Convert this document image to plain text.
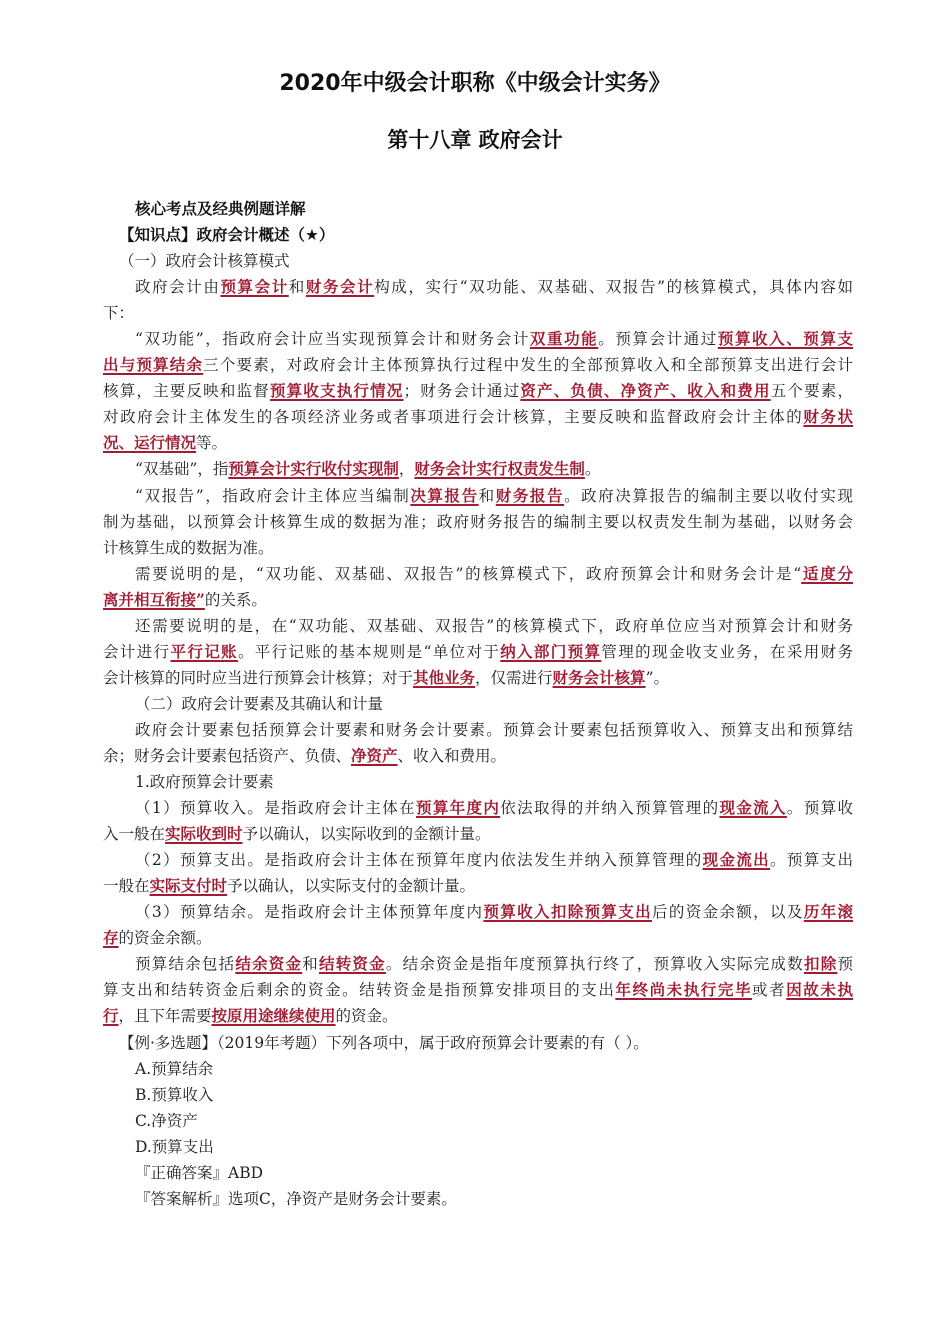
2020年中级会计职称《中级会计实务》
第十八章 政府会计
核心考点及经典例题详解
【知识点】政府会计概述（★）
（一）政府会计核算模式
政府会计由预算会计和财务会计构成，实行“双功能、双基础、双报告”的核算模式，具体内容如
下：
“双功能”，指政府会计应当实现预算会计和财务会计双重功能。预算会计通过预算收入、预算支
出与预算结余三个要素，对政府会计主体预算执行过程中发生的全部预算收入和全部预算支出进行会计
核算，主要反映和监督预算收支执行情况；财务会计通过资产、负债、净资产、收入和费用五个要素，
对政府会计主体发生的各项经济业务或者事项进行会计核算，主要反映和监督政府会计主体的财务状
况、运行情况等。
“双基础”，指预算会计实行收付实现制，财务会计实行权责发生制。
“双报告”，指政府会计主体应当编制决算报告和财务报告。政府决算报告的编制主要以收付实现
制为基础，以预算会计核算生成的数据为准；政府财务报告的编制主要以权责发生制为基础，以财务会
计核算生成的数据为准。
需要说明的是，“双功能、双基础、双报告”的核算模式下，政府预算会计和财务会计是“适度分
离并相互衔接”的关系。
还需要说明的是，在“双功能、双基础、双报告”的核算模式下，政府单位应当对预算会计和财务
会计进行平行记账。平行记账的基本规则是“单位对于纳入部门预算管理的现金收支业务，在采用财务
会计核算的同时应当进行预算会计核算；对于其他业务，仅需进行财务会计核算”。
（二）政府会计要素及其确认和计量
政府会计要素包括预算会计要素和财务会计要素。预算会计要素包括预算收入、预算支出和预算结
余；财务会计要素包括资产、负债、净资产、收入和费用。
1.政府预算会计要素
（1）预算收入。是指政府会计主体在预算年度内依法取得的并纳入预算管理的现金流入。预算收
入一般在实际收到时予以确认，以实际收到的金额计量。
（2）预算支出。是指政府会计主体在预算年度内依法发生并纳入预算管理的现金流出。预算支出
一般在实际支付时予以确认，以实际支付的金额计量。
（3）预算结余。是指政府会计主体预算年度内预算收入扣除预算支出后的资金余额，以及历年滚
存的资金余额。
预算结余包括结余资金和结转资金。结余资金是指年度预算执行终了，预算收入实际完成数扣除预
算支出和结转资金后剩余的资金。结转资金是指预算安排项目的支出年终尚未执行完毕或者因故未执
行，且下年需要按原用途继续使用的资金。
【例·多选题】（2019年考题）下列各项中，属于政府预算会计要素的有（ ）。
A.预算结余
B.预算收入
C.净资产
D.预算支出
『正确答案』ABD
『答案解析』选项C，净资产是财务会计要素。
